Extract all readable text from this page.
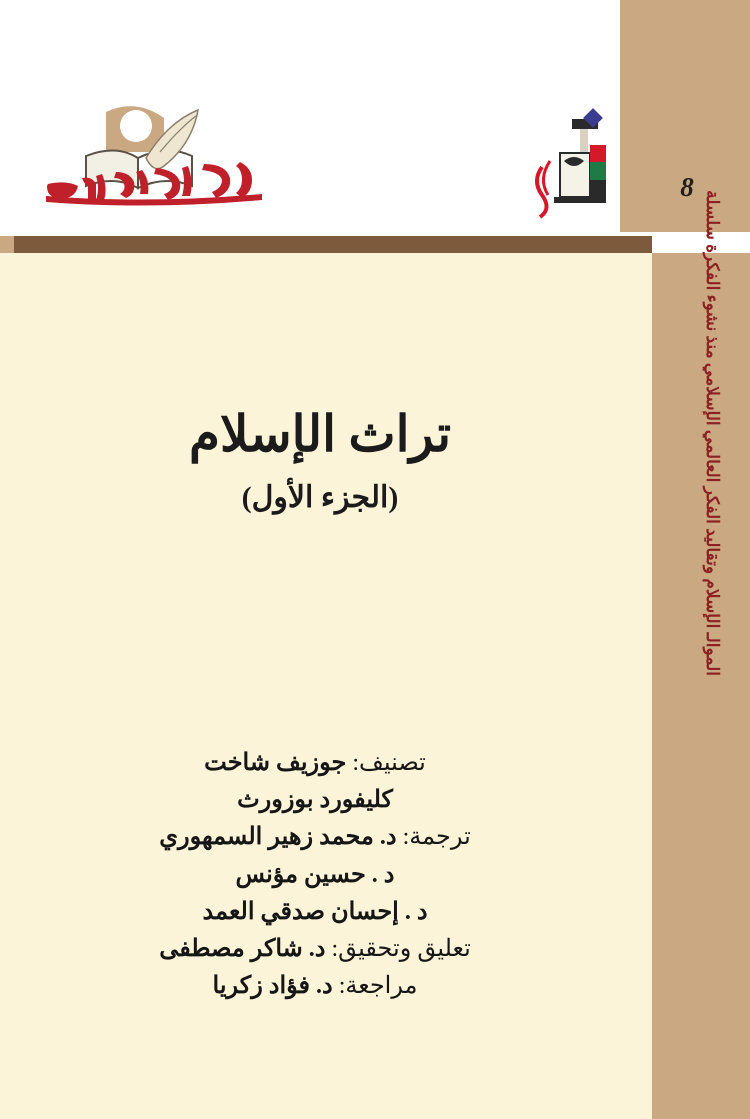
8
الموالـ الإسلام وتقاليد الفكر العالمي الإسلامي منذ نشوء الفكرة سلسلة
تراث الإسلام
(الجزء الأول)
تصنيف: جوزيف شاخت
كليفورد بوزورث
ترجمة: د. محمد زهير السمهوري
د . حسين مؤنس
د . إحسان صدقي العمد
تعليق وتحقيق: د. شاكر مصطفى
مراجعة: د. فؤاد زكريا
